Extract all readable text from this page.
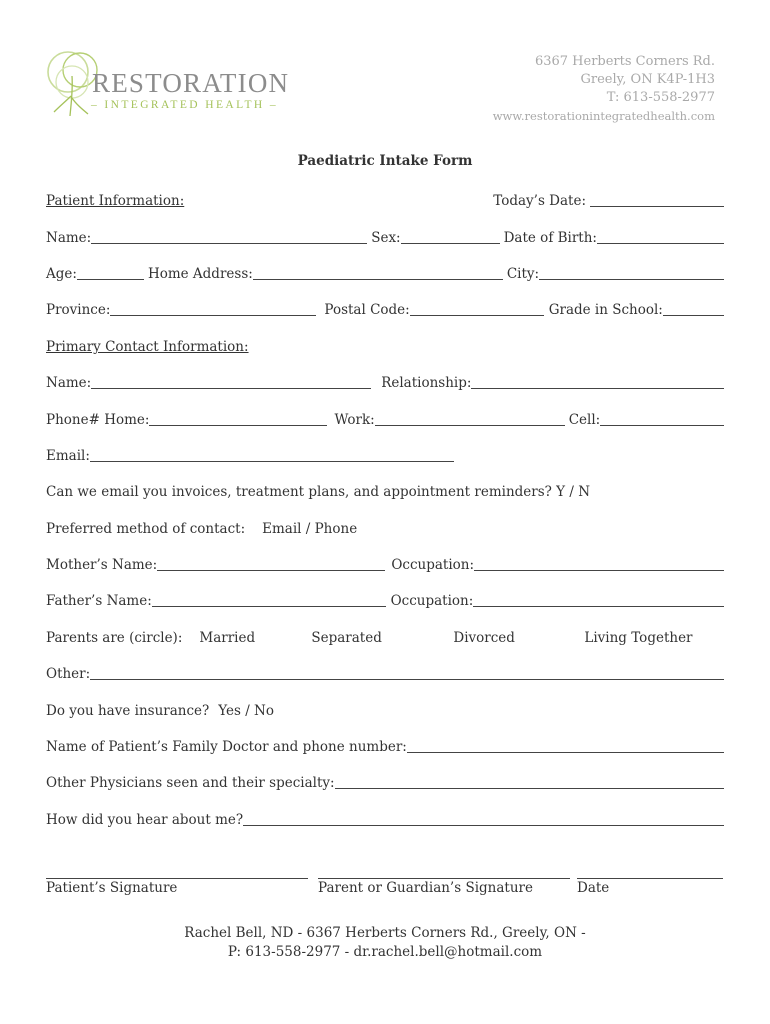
RESTORATION
– INTEGRATED HEALTH –
6367 Herberts Corners Rd.
Greely, ON K4P-1H3
T: 613-558-2977
www.restorationintegratedhealth.com
Paediatric Intake Form
Patient Information:	Today’s Date:
Name:	Sex:	Date of Birth:
Age:	Home Address:	City:
Province:	Postal Code:	Grade in School:
Primary Contact Information:
Name:	Relationship:
Phone# Home:	Work:	Cell:
Email:
Can we email you invoices, treatment plans, and appointment reminders? Y / N
Preferred method of contact: Email / Phone
Mother’s Name:	Occupation:
Father’s Name:	Occupation:
Parents are (circle): Married	Separated	Divorced	Living Together
Other:
Do you have insurance? Yes / No
Name of Patient’s Family Doctor and phone number:
Other Physicians seen and their specialty:
How did you hear about me?
Patient’s Signature	Parent or Guardian’s Signature	Date
Rachel Bell, ND - 6367 Herberts Corners Rd., Greely, ON -
P: 613-558-2977 - dr.rachel.bell@hotmail.com
